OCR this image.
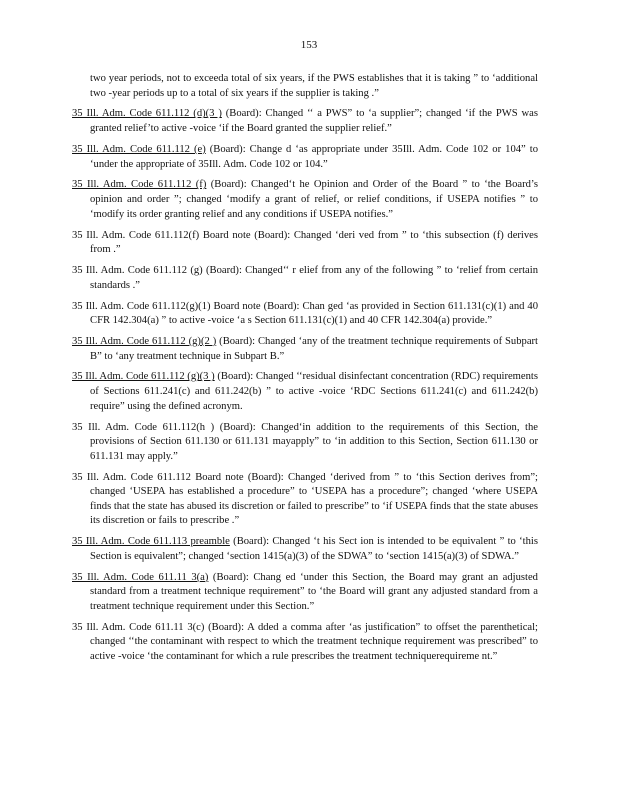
153
two year periods, not to exceeda total of six years, if the PWS establishes that it is taking ” to ‘additional two -year periods up to a total of six years if the supplier is taking .”
35 Ill. Adm. Code 611.112 (d)(3 ) (Board): Changed ‘‘ a PWS” to ‘a supplier”; changed ‘if the PWS was granted relief’to active -voice ‘if the Board granted the supplier relief.”
35 Ill. Adm. Code 611.112 (e) (Board): Change d ‘as appropriate under 35Ill. Adm. Code 102 or 104” to ‘under the appropriate of 35Ill. Adm. Code 102 or 104.”
35 Ill. Adm. Code 611.112 (f) (Board): Changed‘t he Opinion and Order of the Board ” to ‘the Board’s opinion and order ”; changed ‘modify a grant of relief, or relief conditions, if USEPA notifies ” to ‘modify its order granting relief and any conditions if USEPA notifies.”
35 Ill. Adm. Code 611.112(f) Board note (Board): Changed ‘deri ved from ” to ‘this subsection (f) derives from .”
35 Ill. Adm. Code 611.112 (g) (Board): Changed‘‘ r elief from any of the following ” to ‘relief from certain standards .”
35 Ill. Adm. Code 611.112(g)(1) Board note (Board): Chan ged ‘as provided in Section 611.131(c)(1) and 40 CFR 142.304(a) ” to active -voice ‘a s Section 611.131(c)(1) and 40 CFR 142.304(a) provide.”
35 Ill. Adm. Code 611.112 (g)(2 ) (Board): Changed ‘any of the treatment technique requirements of Subpart B” to ‘any treatment technique in Subpart B.”
35 Ill. Adm. Code 611.112 (g)(3 ) (Board): Changed ‘‘residual disinfectant concentration (RDC) requirements of Sections 611.241(c) and 611.242(b) ” to active -voice ‘RDC Sections 611.241(c) and 611.242(b) require” using the defined acronym.
35 Ill. Adm. Code 611.112(h ) (Board): Changed‘in addition to the requirements of this Section, the provisions of Section 611.130 or 611.131 mayapply” to ‘in addition to this Section, Section 611.130 or 611.131 may apply.”
35 Ill. Adm. Code 611.112 Board note (Board): Changed ‘derived from ” to ‘this Section derives from”; changed ‘USEPA has established a procedure” to ‘USEPA has a procedure”; changed ‘where USEPA finds that the state has abused its discretion or failed to prescribe” to ‘if USEPA finds that the state abuses its discretion or fails to prescribe .”
35 Ill. Adm. Code 611.113 preamble (Board): Changed ‘t his Sect ion is intended to be equivalent ” to ‘this Section is equivalent”; changed ‘section 1415(a)(3) of the SDWA” to ‘section 1415(a)(3) of SDWA.”
35 Ill. Adm. Code 611.11 3(a) (Board): Chang ed ‘under this Section, the Board may grant an adjusted standard from a treatment technique requirement” to ‘the Board will grant any adjusted standard from a treatment technique requirement under this Section.”
35 Ill. Adm. Code 611.11 3(c) (Board): A dded a comma after ‘as justification” to offset the parenthetical; changed ‘‘the contaminant with respect to which the treatment technique requirement was prescribed” to active -voice ‘the contaminant for which a rule prescribes the treatment techniquerequireme nt.”
